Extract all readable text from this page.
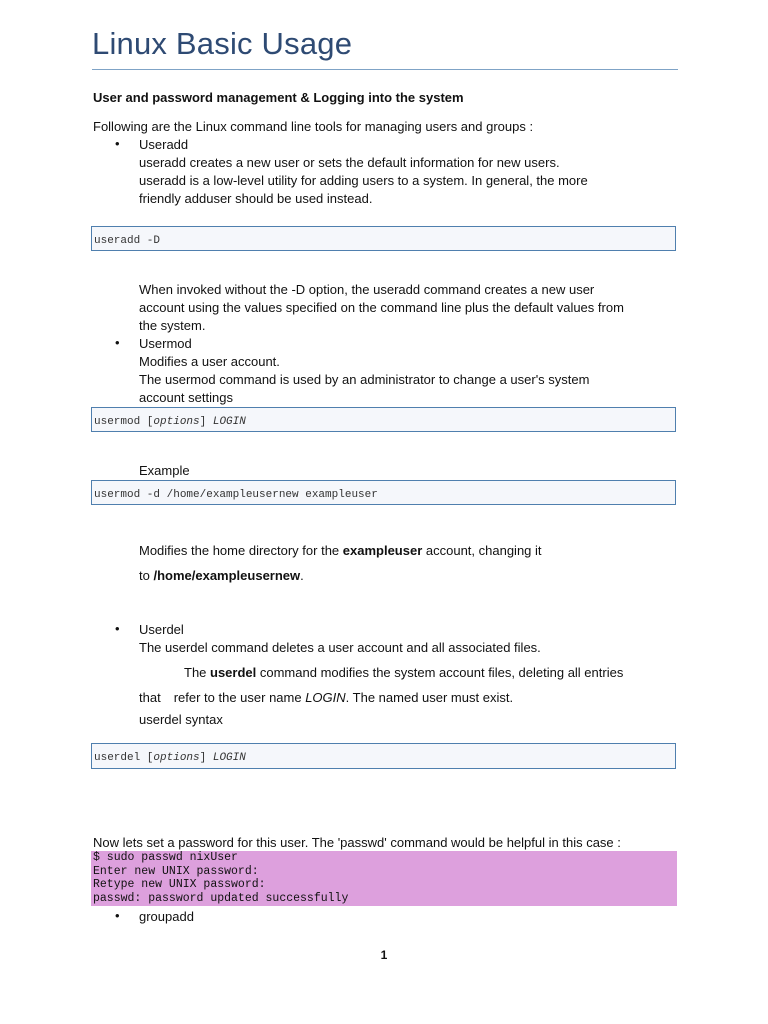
Linux Basic Usage
User and password management & Logging into the system
Following are the Linux command line tools for managing users and groups :
• Useradd
useradd creates a new user or sets the default information for new users.
useradd is a low-level utility for adding users to a system. In general, the more
friendly adduser should be used instead.
useradd -D
When invoked without the -D option, the useradd command creates a new user
account using the values specified on the command line plus the default values from
the system.
• Usermod
Modifies a user account.
The usermod command is used by an administrator to change a user's system
account settings
usermod [options] LOGIN
Example
usermod -d /home/exampleusernew exampleuser
Modifies the home directory for the exampleuser account, changing it
to /home/exampleusernew.
• Userdel
The userdel command deletes a user account and all associated files.
The userdel command modifies the system account files, deleting all entries
that refer to the user name LOGIN. The named user must exist.
userdel syntax
userdel [options] LOGIN
Now lets set a password for this user. The 'passwd' command would be helpful in this case :
$ sudo passwd nixUser
Enter new UNIX password:
Retype new UNIX password:
passwd: password updated successfully
• groupadd
1
